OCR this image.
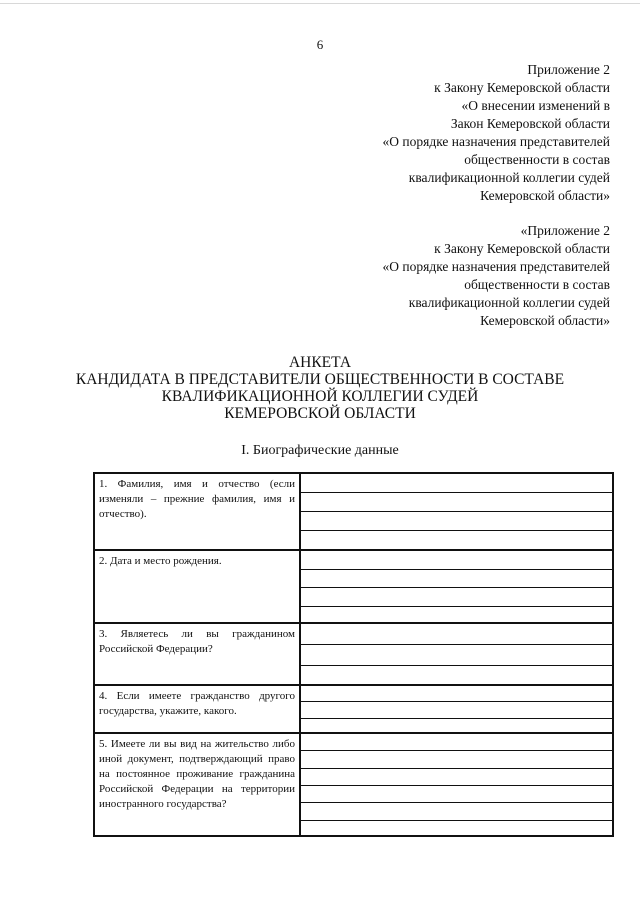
6
Приложение 2
к Закону Кемеровской области
«О внесении изменений в
Закон Кемеровской области
«О порядке назначения представителей
общественности в состав
квалификационной коллегии судей
Кемеровской области»
«Приложение 2
к Закону Кемеровской области
«О порядке назначения представителей
общественности в состав
квалификационной коллегии судей
Кемеровской области»
АНКЕТА
КАНДИДАТА В ПРЕДСТАВИТЕЛИ ОБЩЕСТВЕННОСТИ В СОСТАВЕ
КВАЛИФИКАЦИОННОЙ КОЛЛЕГИИ СУДЕЙ
КЕМЕРОВСКОЙ ОБЛАСТИ
I. Биографические данные
1. Фамилия, имя и отчество (если изменяли – прежние фамилия, имя и отчество).
2. Дата и место рождения.
3. Являетесь ли вы гражданином Российской Федерации?
4. Если имеете гражданство другого государства, укажите, какого.
5. Имеете ли вы вид на жительство либо иной документ, подтверждающий право на постоянное проживание гражданина Российской Федерации на территории иностранного государства?
